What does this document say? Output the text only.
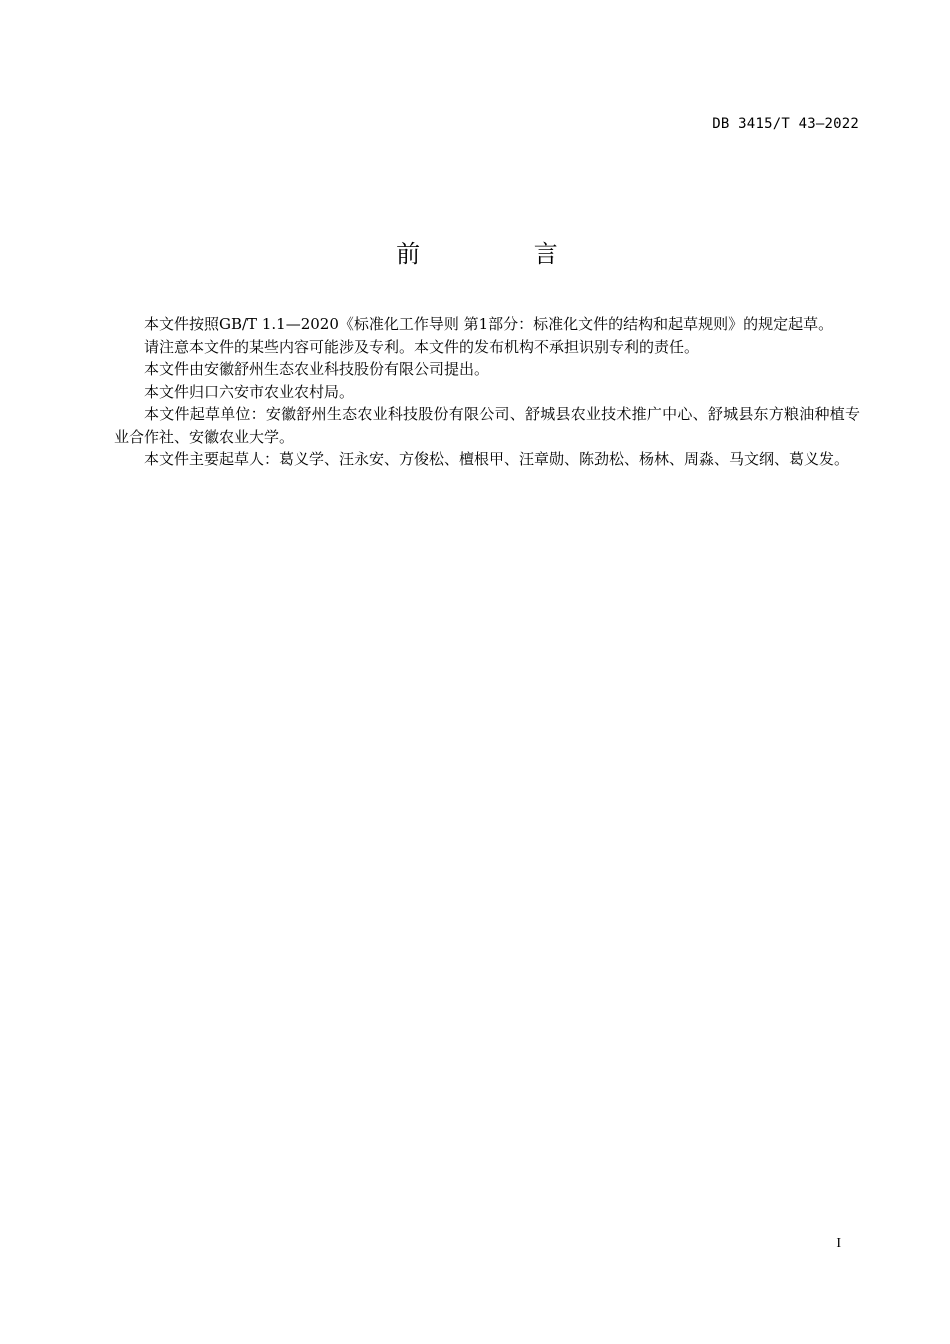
DB 3415/T 43—2022
前 言

本文件按照GB/T 1.1—2020《标准化工作导则 第1部分：标准化文件的结构和起草规则》的规定起草。

请注意本文件的某些内容可能涉及专利。本文件的发布机构不承担识别专利的责任。

本文件由安徽舒州生态农业科技股份有限公司提出。

本文件归口六安市农业农村局。

本文件起草单位：安徽舒州生态农业科技股份有限公司、舒城县农业技术推广中心、舒城县东方粮油种植专业合作社、安徽农业大学。

本文件主要起草人：葛义学、汪永安、方俊松、檀根甲、汪章勋、陈劲松、杨林、周淼、马文纲、葛义发。

I
